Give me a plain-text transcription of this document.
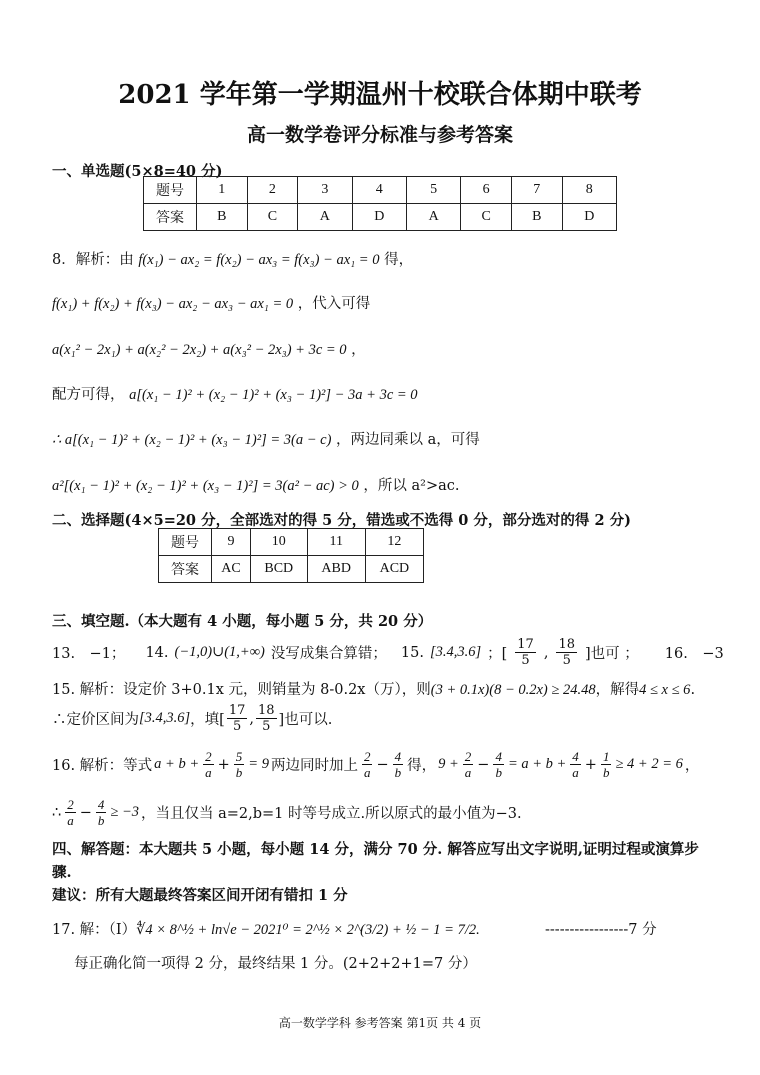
2021 学年第一学期温州十校联合体期中联考
高一数学卷评分标准与参考答案
一、单选题(5×8=40 分)
题号	1	2	3	4	5	6	7	8
答案	B	C	A	D	A	C	B	D
8．解析：由 f(x₁) − ax₂ = f(x₂) − ax₃ = f(x₃) − ax₁ = 0 得，
f(x₁) + f(x₂) + f(x₃) − ax₂ − ax₃ − ax₁ = 0 ，代入可得
a(x₁² − 2x₁) + a(x₂² − 2x₂) + a(x₃² − 2x₃) + 3c = 0 ，
配方可得， a[(x₁ − 1)² + (x₂ − 1)² + (x₃ − 1)²] − 3a + 3c = 0
∴ a[(x₁ − 1)² + (x₂ − 1)² + (x₃ − 1)²] = 3(a − c) ，两边同乘以 a，可得
a²[(x₁ − 1)² + (x₂ − 1)² + (x₃ − 1)²] = 3(a² − ac) > 0 ，所以 a²>ac.
二、选择题(4×5=20 分，全部选对的得 5 分，错选或不选得 0 分，部分选对的得 2 分)
题号	9	10	11	12
答案	AC	BCD	ABD	ACD
三、填空题.（本大题有 4 小题，每小题 5 分，共 20 分）
13.　−1； 14. (−1,0)∪(1,+∞) 没写成集合算错； 15. [3.4,3.6] ；[ $\frac{17}{5}$ , $\frac{18}{5}$ ]也可 ； 16.　−3
15. 解析：设定价 3+0.1x 元，则销量为 8-0.2x（万），则(3 + 0.1x)(8 − 0.2x) ≥ 24.48，解得4 ≤ x ≤ 6.
∴定价区间为 [3.4,3.6] ，填[ $\frac{17}{5}$ , $\frac{18}{5}$ ]也可以.
16. 解析：等式 $a + b + \frac{2}{a} + \frac{5}{b} = 9$ 两边同时加上 $\frac{2}{a} - \frac{4}{b}$ 得， $9 + \frac{2}{a} - \frac{4}{b} = a + b + \frac{4}{a} + \frac{1}{b} \ge 4 + 2 = 6$ ，
∴ $\frac{2}{a} - \frac{4}{b} \ge -3$ ，当且仅当 a=2,b=1 时等号成立.所以原式的最小值为−3.
四、解答题：本大题共 5 小题，每小题 14 分，满分 70 分. 解答应写出文字说明,证明过程或演算步
骤.
建议：所有大题最终答案区间开闭有错扣 1 分
17. 解：（Ⅰ）∜4 × 8^½ + ln√e − 2021⁰ = 2^½ × 2^(3/2) + ½ − 1 = 7/2.	-----------------7 分
每正确化简一项得 2 分，最终结果 1 分。(2+2+2+1=7 分）
高一数学学科 参考答案 第1页 共 4 页
